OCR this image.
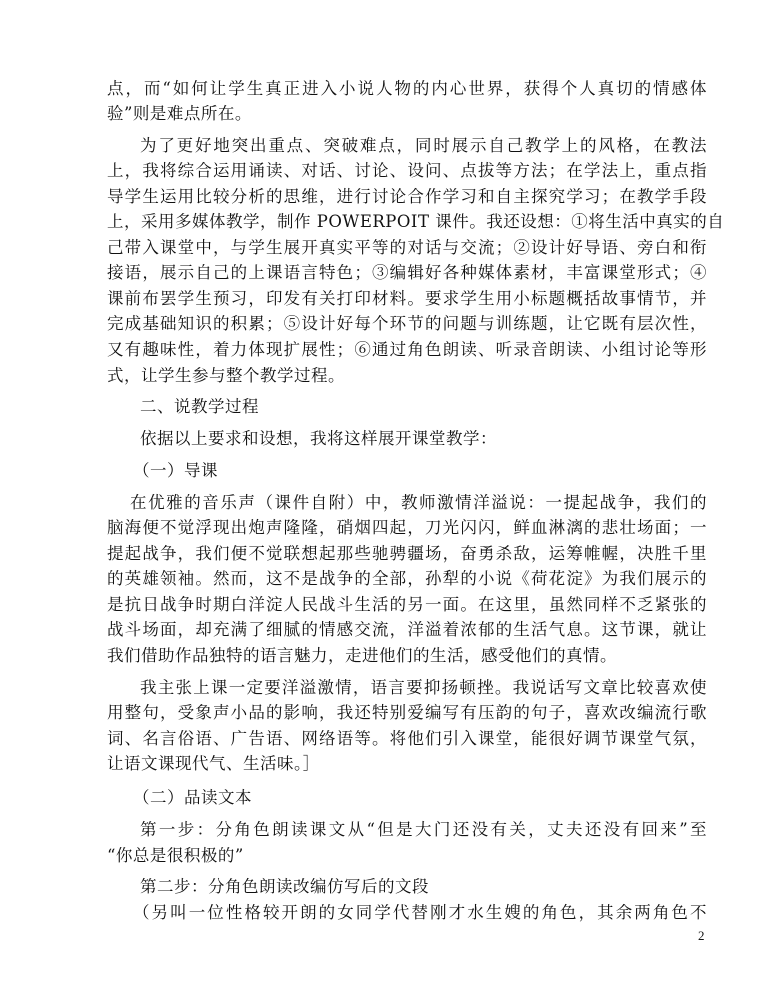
点，而“如何让学生真正进入小说人物的内心世界，获得个人真切的情感体
验”则是难点所在。
为了更好地突出重点、突破难点，同时展示自己教学上的风格，在教法
上，我将综合运用诵读、对话、讨论、设问、点拔等方法；在学法上，重点指
导学生运用比较分析的思维，进行讨论合作学习和自主探究学习；在教学手段
上，采用多媒体教学，制作 POWERPOIT 课件。我还设想：①将生活中真实的自
己带入课堂中，与学生展开真实平等的对话与交流；②设计好导语、旁白和衔
接语，展示自己的上课语言特色；③编辑好各种媒体素材，丰富课堂形式；④
课前布罢学生预习，印发有关打印材料。要求学生用小标题概括故事情节，并
完成基础知识的积累；⑤设计好每个环节的问题与训练题，让它既有层次性，
又有趣味性，着力体现扩展性；⑥通过角色朗读、听录音朗读、小组讨论等形
式，让学生参与整个教学过程。
二、说教学过程
依据以上要求和设想，我将这样展开课堂教学：
（一）导课
在优雅的音乐声（课件自附）中，教师激情洋溢说：一提起战争，我们的
脑海便不觉浮现出炮声隆隆，硝烟四起，刀光闪闪，鲜血淋漓的悲壮场面；一
提起战争，我们便不觉联想起那些驰骋疆场，奋勇杀敌，运筹帷幄，决胜千里
的英雄领袖。然而，这不是战争的全部，孙犁的小说《荷花淀》为我们展示的
是抗日战争时期白洋淀人民战斗生活的另一面。在这里，虽然同样不乏紧张的
战斗场面，却充满了细腻的情感交流，洋溢着浓郁的生活气息。这节课，就让
我们借助作品独特的语言魅力，走进他们的生活，感受他们的真情。
我主张上课一定要洋溢激情，语言要抑扬顿挫。我说话写文章比较喜欢使
用整句，受象声小品的影响，我还特别爱编写有压韵的句子，喜欢改编流行歌
词、名言俗语、广告语、网络语等。将他们引入课堂，能很好调节课堂气氛，
让语文课现代气、生活味。］
（二）品读文本
第一步：分角色朗读课文从“但是大门还没有关，丈夫还没有回来”至
“你总是很积极的”
第二步：分角色朗读改编仿写后的文段
（另叫一位性格较开朗的女同学代替刚才水生嫂的角色，其余两角色不
2
